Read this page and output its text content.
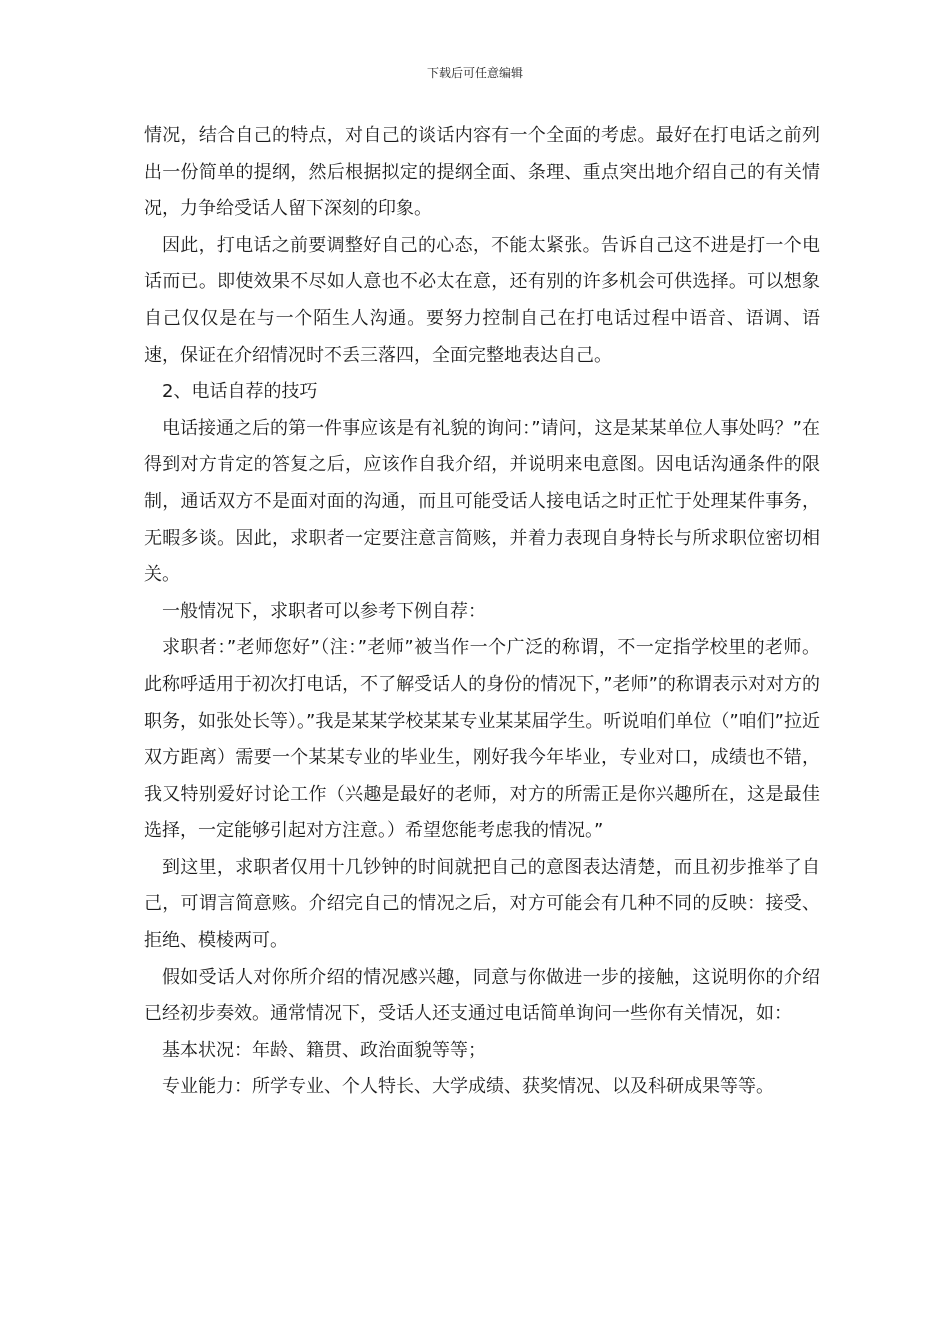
下载后可任意编辑

情况，结合自己的特点，对自己的谈话内容有一个全面的考虑。最好在打电话之前列出一份简单的提纲，然后根据拟定的提纲全面、条理、重点突出地介绍自己的有关情况，力争给受话人留下深刻的印象。

因此，打电话之前要调整好自己的心态，不能太紧张。告诉自己这不进是打一个电话而已。即使效果不尽如人意也不必太在意，还有别的许多机会可供选择。可以想象自己仅仅是在与一个陌生人沟通。要努力控制自己在打电话过程中语音、语调、语速，保证在介绍情况时不丢三落四，全面完整地表达自己。

2、电话自荐的技巧

电话接通之后的第一件事应该是有礼貌的询问：”请问，这是某某单位人事处吗？”在得到对方肯定的答复之后，应该作自我介绍，并说明来电意图。因电话沟通条件的限制，通话双方不是面对面的沟通，而且可能受话人接电话之时正忙于处理某件事务，无暇多谈。因此，求职者一定要注意言简赅，并着力表现自身特长与所求职位密切相关。

一般情况下，求职者可以参考下例自荐：

求职者：”老师您好”（注：”老师”被当作一个广泛的称谓，不一定指学校里的老师。此称呼适用于初次打电话，不了解受话人的身份的情况下，”老师”的称谓表示对对方的职务，如张处长等）。”我是某某学校某某专业某某届学生。听说咱们单位（”咱们”拉近双方距离）需要一个某某专业的毕业生，刚好我今年毕业，专业对口，成绩也不错，我又特别爱好讨论工作（兴趣是最好的老师，对方的所需正是你兴趣所在，这是最佳选择，一定能够引起对方注意。）希望您能考虑我的情况。”

到这里，求职者仅用十几钞钟的时间就把自己的意图表达清楚，而且初步推举了自己，可谓言简意赅。介绍完自己的情况之后，对方可能会有几种不同的反映：接受、拒绝、模棱两可。

假如受话人对你所介绍的情况感兴趣，同意与你做进一步的接触，这说明你的介绍已经初步奏效。通常情况下，受话人还支通过电话简单询问一些你有关情况，如：

基本状况：年龄、籍贯、政治面貌等等；

专业能力：所学专业、个人特长、大学成绩、获奖情况、以及科研成果等等。
